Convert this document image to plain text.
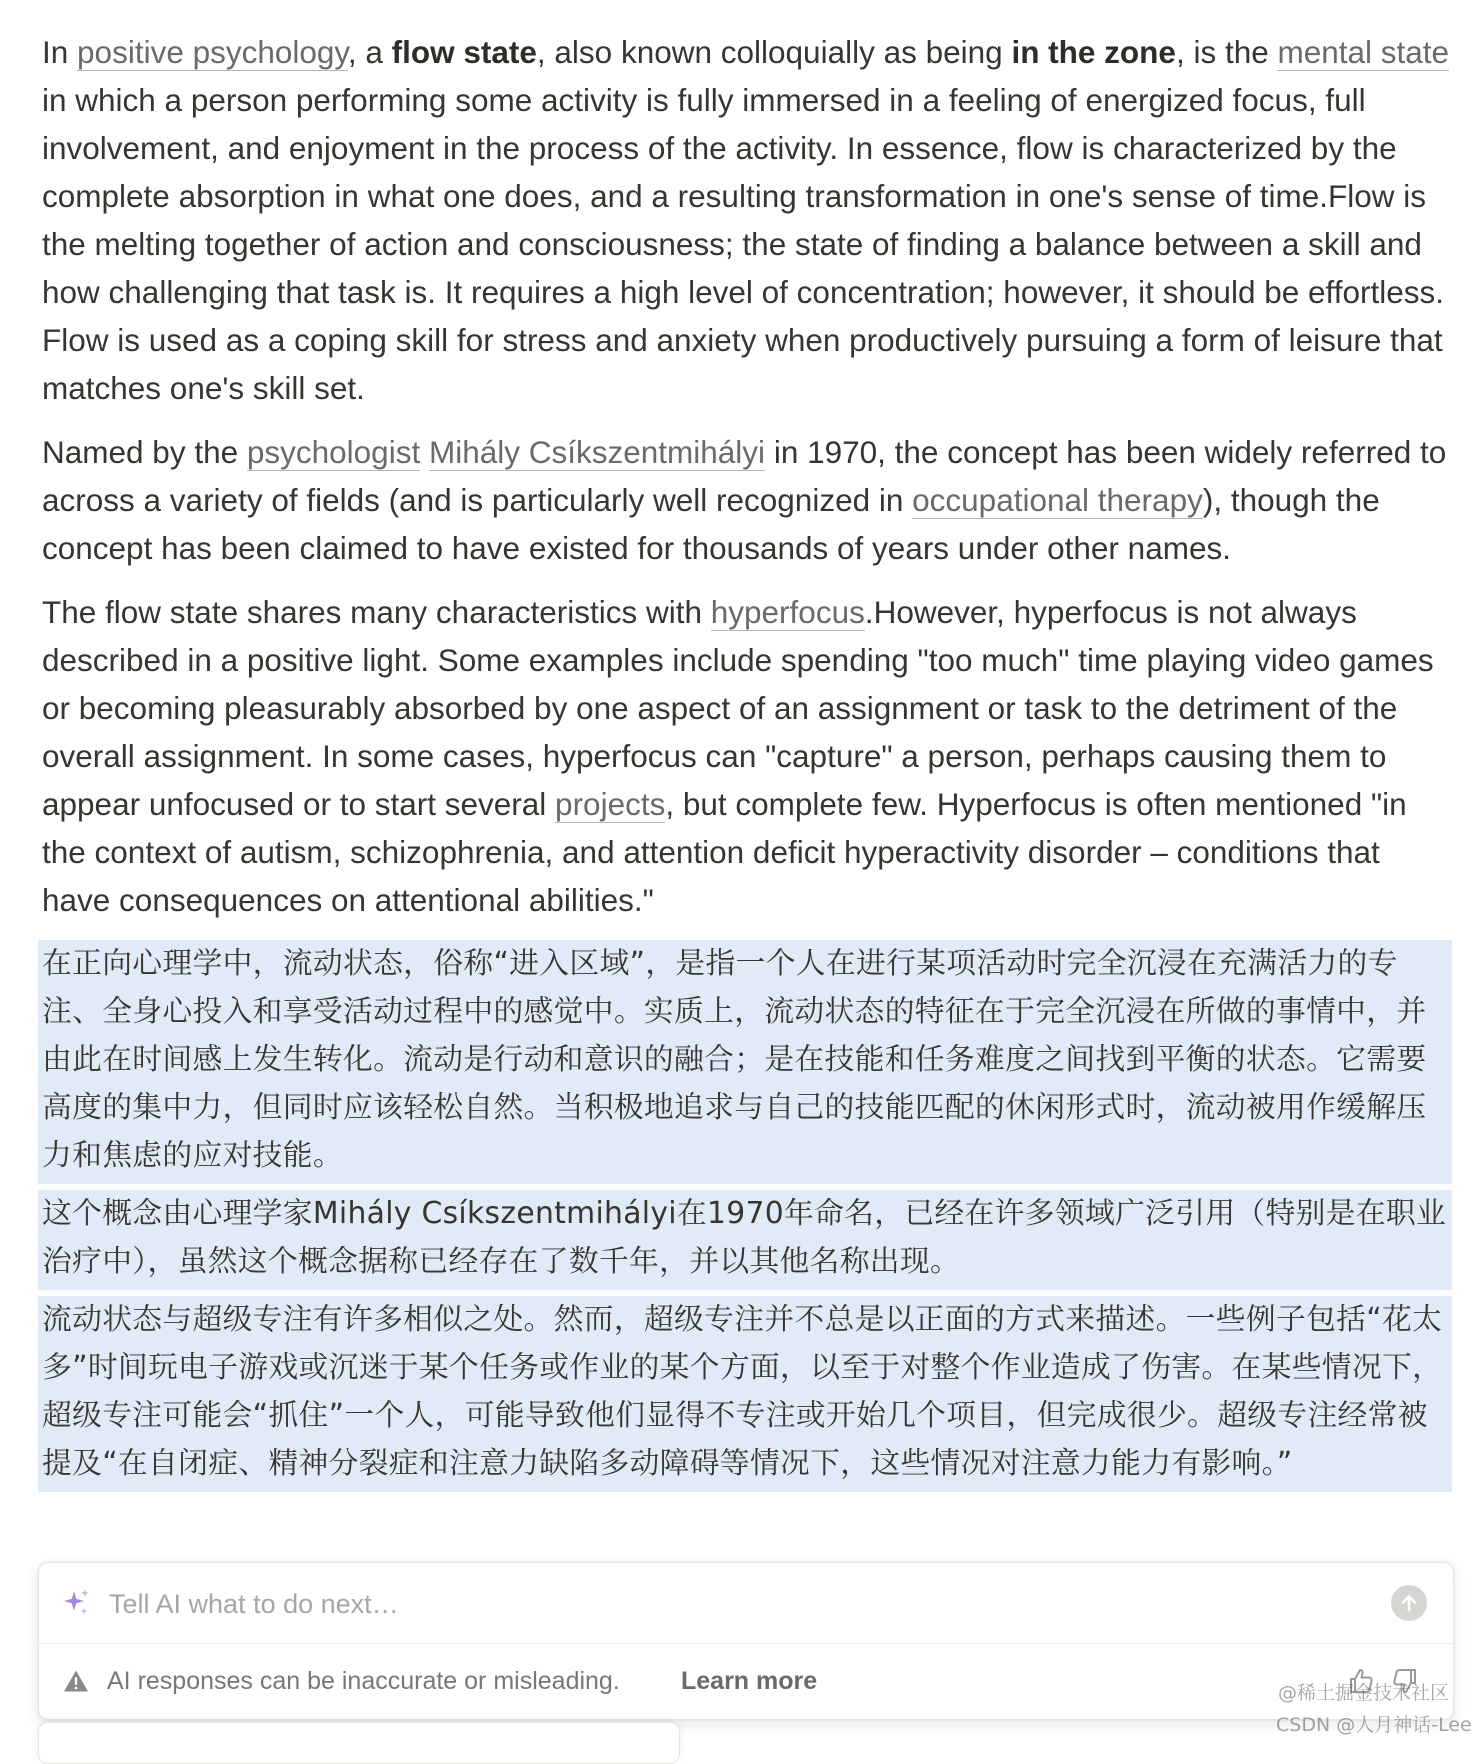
In positive psychology, a flow state, also known colloquially as being in the zone, is the mental state in which a person performing some activity is fully immersed in a feeling of energized focus, full involvement, and enjoyment in the process of the activity. In essence, flow is characterized by the complete absorption in what one does, and a resulting transformation in one's sense of time.Flow is the melting together of action and consciousness; the state of finding a balance between a skill and how challenging that task is. It requires a high level of concentration; however, it should be effortless. Flow is used as a coping skill for stress and anxiety when productively pursuing a form of leisure that matches one's skill set.

Named by the psychologist Mihály Csíkszentmihályi in 1970, the concept has been widely referred to across a variety of fields (and is particularly well recognized in occupational therapy), though the concept has been claimed to have existed for thousands of years under other names.

The flow state shares many characteristics with hyperfocus.However, hyperfocus is not always described in a positive light. Some examples include spending "too much" time playing video games or becoming pleasurably absorbed by one aspect of an assignment or task to the detriment of the overall assignment. In some cases, hyperfocus can "capture" a person, perhaps causing them to appear unfocused or to start several projects, but complete few. Hyperfocus is often mentioned "in the context of autism, schizophrenia, and attention deficit hyperactivity disorder – conditions that have consequences on attentional abilities."

在正向心理学中，流动状态，俗称“进入区域”，是指一个人在进行某项活动时完全沉浸在充满活力的专注、全身心投入和享受活动过程中的感觉中。实质上，流动状态的特征在于完全沉浸在所做的事情中，并由此在时间感上发生转化。流动是行动和意识的融合；是在技能和任务难度之间找到平衡的状态。它需要高度的集中力，但同时应该轻松自然。当积极地追求与自己的技能匹配的休闲形式时，流动被用作缓解压力和焦虑的应对技能。

这个概念由心理学家Mihály Csíkszentmihályi在1970年命名，已经在许多领域广泛引用（特别是在职业治疗中），虽然这个概念据称已经存在了数千年，并以其他名称出现。

流动状态与超级专注有许多相似之处。然而，超级专注并不总是以正面的方式来描述。一些例子包括“花太多”时间玩电子游戏或沉迷于某个任务或作业的某个方面，以至于对整个作业造成了伤害。在某些情况下，超级专注可能会“抓住”一个人，可能导致他们显得不专注或开始几个项目，但完成很少。超级专注经常被提及“在自闭症、精神分裂症和注意力缺陷多动障碍等情况下，这些情况对注意力能力有影响。”

Tell AI what to do next…
AI responses can be inaccurate or misleading. Learn more	@稀土掘金技术社区
CSDN @人月神话-Lee
